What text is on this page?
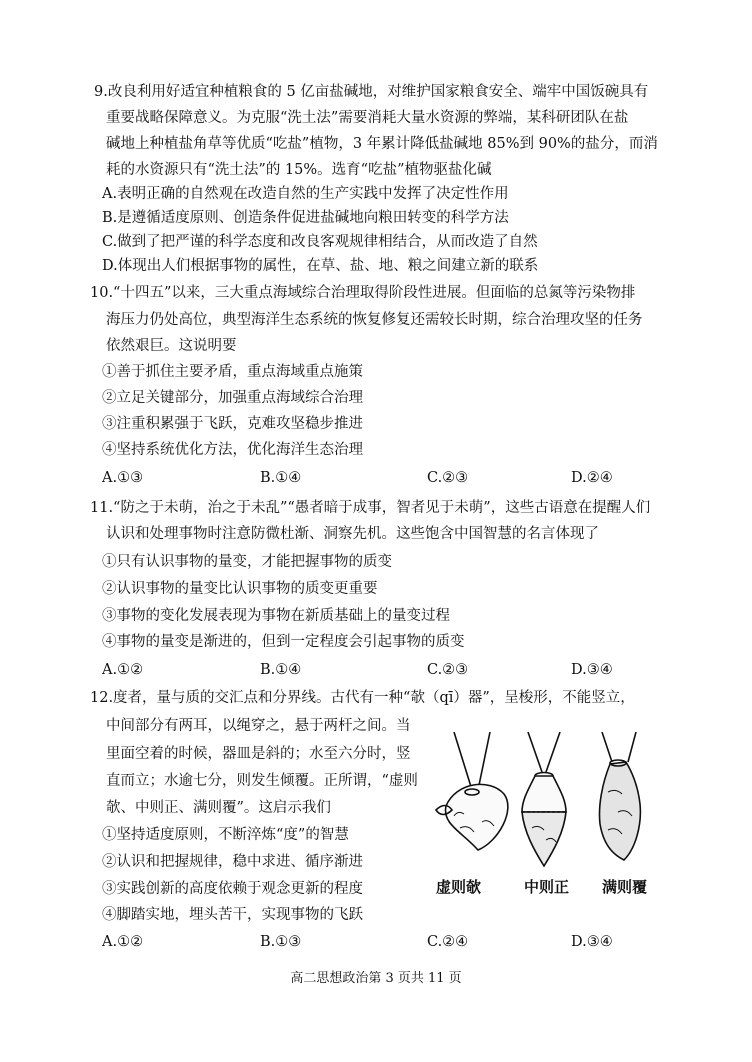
9.改良利用好适宜种植粮食的 5 亿亩盐碱地，对维护国家粮食安全、端牢中国饭碗具有
重要战略保障意义。为克服“洗土法”需要消耗大量水资源的弊端，某科研团队在盐
碱地上种植盐角草等优质“吃盐”植物，3 年累计降低盐碱地 85%到 90%的盐分，而消
耗的水资源只有“洗土法”的 15%。选育“吃盐”植物驱盐化碱
A.表明正确的自然观在改造自然的生产实践中发挥了决定性作用
B.是遵循适度原则、创造条件促进盐碱地向粮田转变的科学方法
C.做到了把严谨的科学态度和改良客观规律相结合，从而改造了自然
D.体现出人们根据事物的属性，在草、盐、地、粮之间建立新的联系
10.“十四五”以来，三大重点海域综合治理取得阶段性进展。但面临的总氮等污染物排
海压力仍处高位，典型海洋生态系统的恢复修复还需较长时期，综合治理攻坚的任务
依然艰巨。这说明要
①善于抓住主要矛盾，重点海域重点施策
②立足关键部分，加强重点海域综合治理
③注重积累强于飞跃，克难攻坚稳步推进
④坚持系统优化方法，优化海洋生态治理
A.①③	B.①④	C.②③	D.②④
11.“防之于未萌，治之于未乱”“愚者暗于成事，智者见于未萌”，这些古语意在提醒人们
认识和处理事物时注意防微杜渐、洞察先机。这些饱含中国智慧的名言体现了
①只有认识事物的量变，才能把握事物的质变
②认识事物的量变比认识事物的质变更重要
③事物的变化发展表现为事物在新质基础上的量变过程
④事物的量变是渐进的，但到一定程度会引起事物的质变
A.①②	B.①④	C.②③	D.③④
12.度者，量与质的交汇点和分界线。古代有一种“欹（qī）器”，呈梭形，不能竖立，
中间部分有两耳，以绳穿之，悬于两杆之间。当
里面空着的时候，器皿是斜的；水至六分时，竖
直而立；水逾七分，则发生倾覆。正所谓，“虚则
欹、中则正、满则覆”。这启示我们
①坚持适度原则，不断淬炼“度”的智慧
②认识和把握规律，稳中求进、循序渐进
③实践创新的高度依赖于观念更新的程度
④脚踏实地，埋头苦干，实现事物的飞跃
A.①②	B.①③	C.②④	D.③④
虚则欹	中则正 满则覆
高二思想政治第 3 页共 11 页
